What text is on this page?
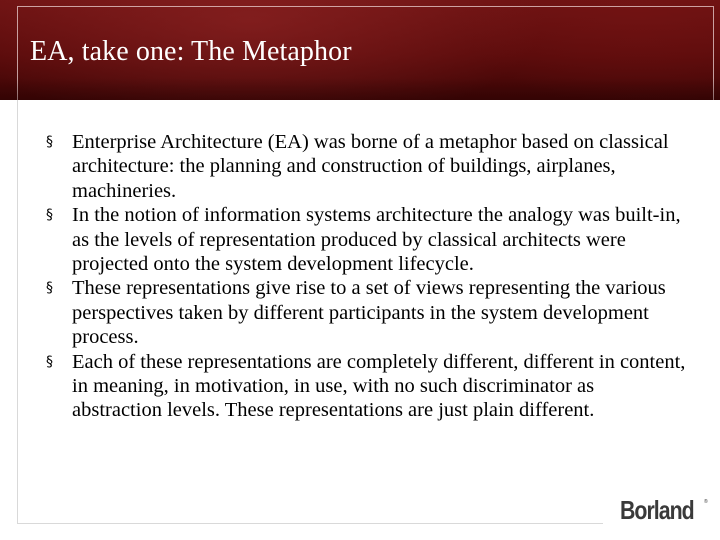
EA, take one: The Metaphor
§ Enterprise Architecture (EA) was borne of a metaphor based on classical architecture: the planning and construction of buildings, airplanes, machineries.
§ In the notion of information systems architecture the analogy was built-in, as the levels of representation produced by classical architects were projected onto the system development lifecycle.
§ These representations give rise to a set of views representing the various perspectives taken by different participants in the system development process.
§ Each of these representations are completely different, different in content, in meaning, in motivation, in use, with no such discriminator as abstraction levels. These representations are just plain different.
Borland ®
